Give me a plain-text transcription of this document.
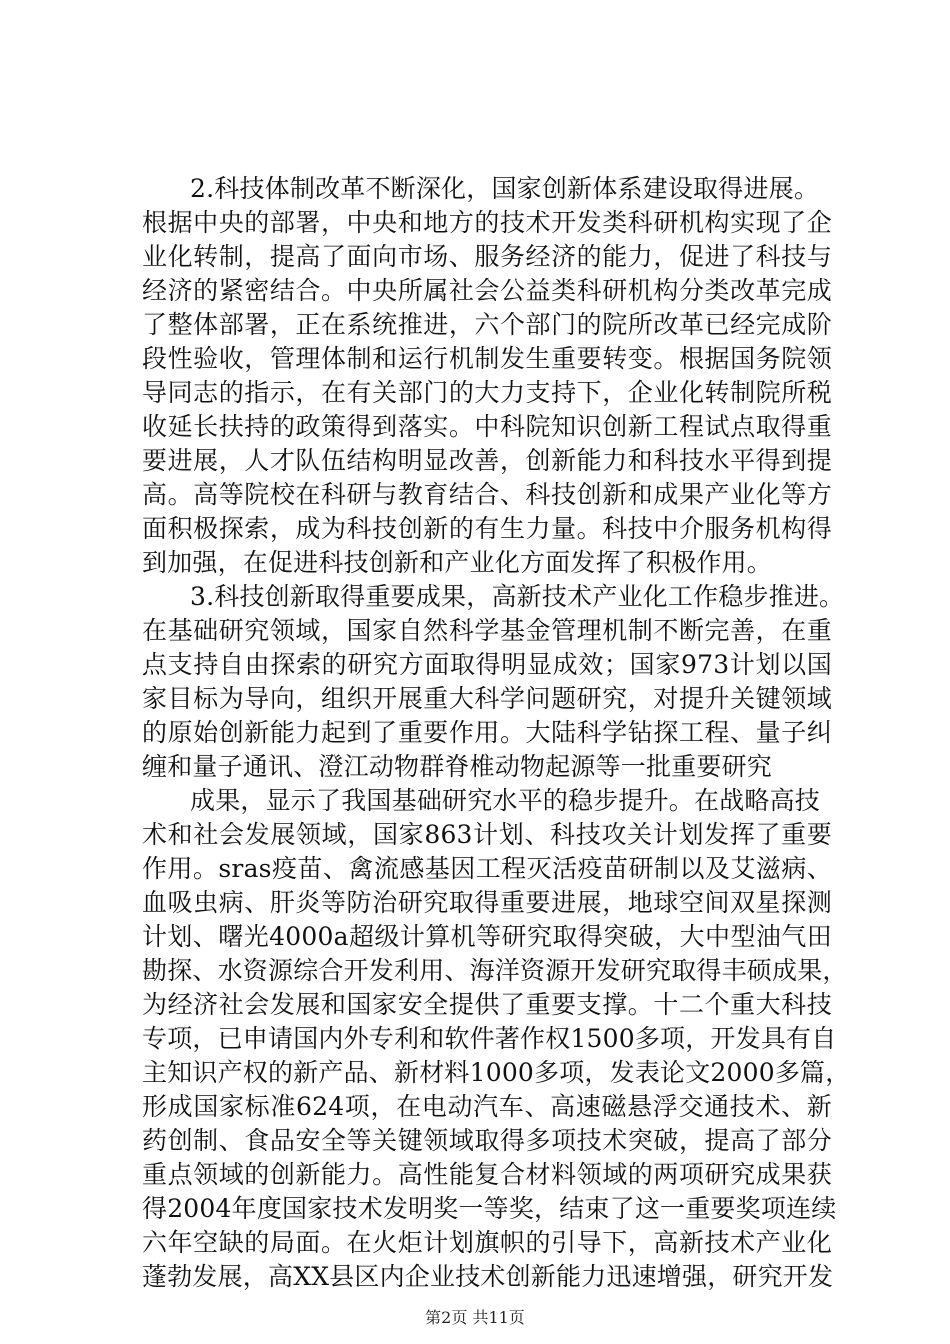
2.科技体制改革不断深化，国家创新体系建设取得进展。
根据中央的部署，中央和地方的技术开发类科研机构实现了企
业化转制，提高了面向市场、服务经济的能力，促进了科技与
经济的紧密结合。中央所属社会公益类科研机构分类改革完成
了整体部署，正在系统推进，六个部门的院所改革已经完成阶
段性验收，管理体制和运行机制发生重要转变。根据国务院领
导同志的指示，在有关部门的大力支持下，企业化转制院所税
收延长扶持的政策得到落实。中科院知识创新工程试点取得重
要进展，人才队伍结构明显改善，创新能力和科技水平得到提
高。高等院校在科研与教育结合、科技创新和成果产业化等方
面积极探索，成为科技创新的有生力量。科技中介服务机构得
到加强，在促进科技创新和产业化方面发挥了积极作用。
3.科技创新取得重要成果，高新技术产业化工作稳步推进。
在基础研究领域，国家自然科学基金管理机制不断完善，在重
点支持自由探索的研究方面取得明显成效；国家973计划以国
家目标为导向，组织开展重大科学问题研究，对提升关键领域
的原始创新能力起到了重要作用。大陆科学钻探工程、量子纠
缠和量子通讯、澄江动物群脊椎动物起源等一批重要研究
成果，显示了我国基础研究水平的稳步提升。在战略高技
术和社会发展领域，国家863计划、科技攻关计划发挥了重要
作用。sras疫苗、禽流感基因工程灭活疫苗研制以及艾滋病、
血吸虫病、肝炎等防治研究取得重要进展，地球空间双星探测
计划、曙光4000a超级计算机等研究取得突破，大中型油气田
勘探、水资源综合开发利用、海洋资源开发研究取得丰硕成果，
为经济社会发展和国家安全提供了重要支撑。十二个重大科技
专项，已申请国内外专利和软件著作权1500多项，开发具有自
主知识产权的新产品、新材料1000多项，发表论文2000多篇，
形成国家标准624项，在电动汽车、高速磁悬浮交通技术、新
药创制、食品安全等关键领域取得多项技术突破，提高了部分
重点领域的创新能力。高性能复合材料领域的两项研究成果获
得2004年度国家技术发明奖一等奖，结束了这一重要奖项连续
六年空缺的局面。在火炬计划旗帜的引导下，高新技术产业化
蓬勃发展，高XX县区内企业技术创新能力迅速增强，研究开发
第2页 共11页
